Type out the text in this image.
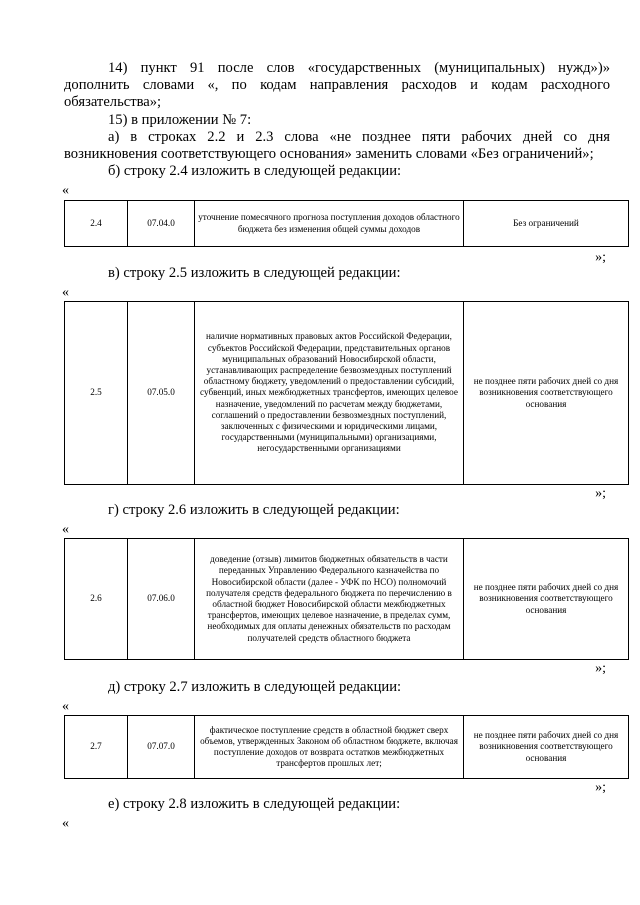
14) пункт 91 после слов «государственных (муниципальных) нужд»)» дополнить словами «, по кодам направления расходов и кодам расходного обязательства»;

15) в приложении № 7:

а) в строках 2.2 и 2.3 слова «не позднее пяти рабочих дней со дня возникновения соответствующего основания» заменить словами «Без ограничений»;

б) строку 2.4 изложить в следующей редакции:

«
2.4	07.04.0	уточнение помесячного прогноза поступления доходов областного бюджета без изменения общей суммы доходов	Без ограничений
»;

в) строку 2.5 изложить в следующей редакции:

«
2.5	07.05.0	наличие нормативных правовых актов Российской Федерации, субъектов Российской Федерации, представительных органов муниципальных образований Новосибирской области, устанавливающих распределение безвозмездных поступлений областному бюджету, уведомлений о предоставлении субсидий, субвенций, иных межбюджетных трансфертов, имеющих целевое назначение, уведомлений по расчетам между бюджетами, соглашений о предоставлении безвозмездных поступлений, заключенных с физическими и юридическими лицами, государственными (муниципальными) организациями, негосударственными организациями	не позднее пяти рабочих дней со дня возникновения соответствующего основания
»;

г) строку 2.6 изложить в следующей редакции:

«
2.6	07.06.0	доведение (отзыв) лимитов бюджетных обязательств в части переданных Управлению Федерального казначейства по Новосибирской области (далее - УФК по НСО) полномочий получателя средств федерального бюджета по перечислению в областной бюджет Новосибирской области межбюджетных трансфертов, имеющих целевое назначение, в пределах сумм, необходимых для оплаты денежных обязательств по расходам получателей средств областного бюджета	не позднее пяти рабочих дней со дня возникновения соответствующего основания
»;

д) строку 2.7 изложить в следующей редакции:

«
2.7	07.07.0	фактическое поступление средств в областной бюджет сверх объемов, утвержденных Законом об областном бюджете, включая поступление доходов от возврата остатков межбюджетных трансфертов прошлых лет;	не позднее пяти рабочих дней со дня возникновения соответствующего основания
»;

е) строку 2.8 изложить в следующей редакции:

«
